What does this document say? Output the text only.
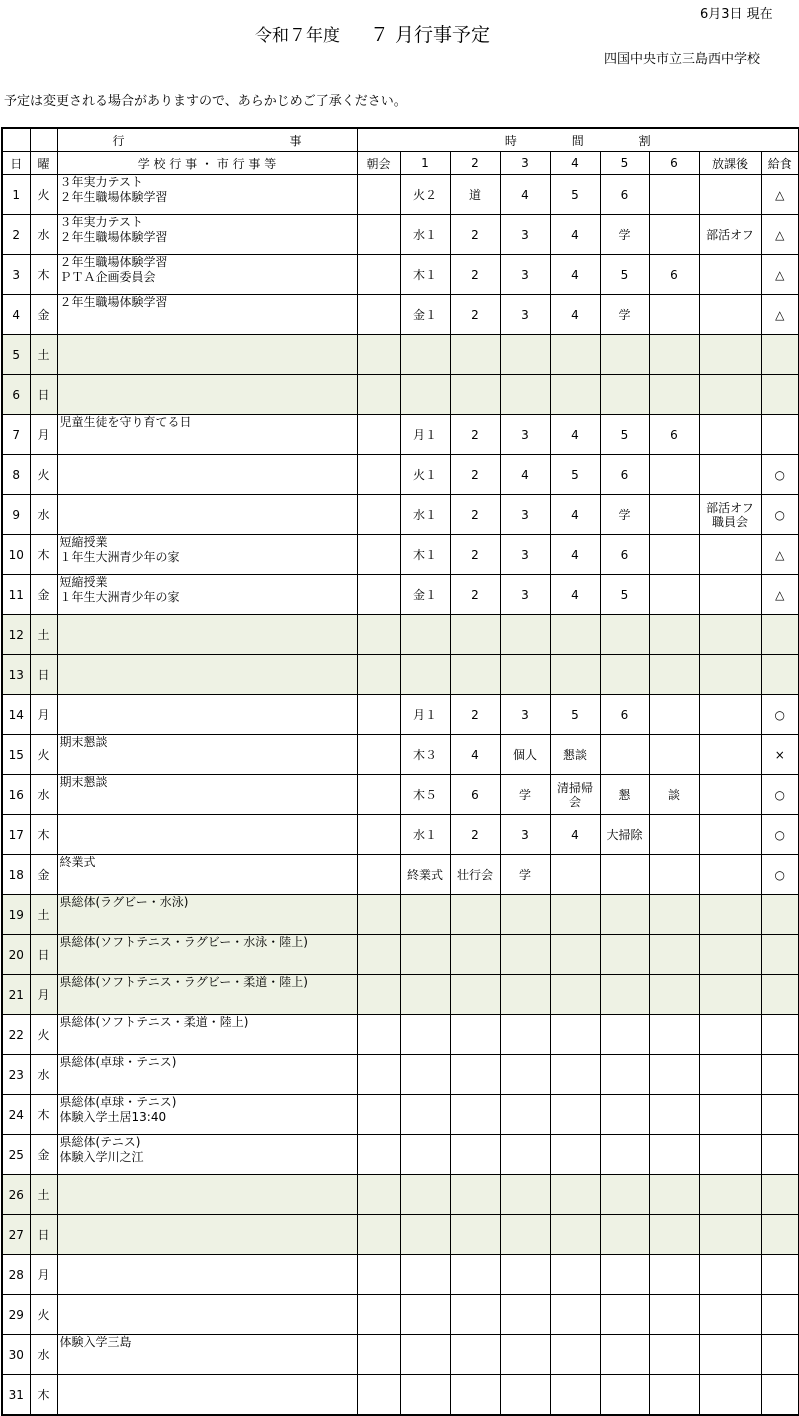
6月3日 現在
令和７年度 ７ 月行事予定
四国中央市立三島西中学校
予定は変更される場合がありますので、あらかじめご了承ください。

		行 事	時 間 割								

日	曜	学 校 行 事 ・ 市 行 事 等	朝会	1	2	3	4	5	6	放課後	給食
1	火	３年実力テスト
２年生職場体験学習		火２	道	4	5	6			△
2	水	３年実力テスト
２年生職場体験学習		水１	2	3	4	学		部活オフ	△
3	木	２年生職場体験学習
ＰＴＡ企画委員会		木１	2	3	4	5	6		△
4	金	２年生職場体験学習		金１	2	3	4	学			△
5	土										
6	日										
7	月	児童生徒を守り育てる日		月１	2	3	4	5	6		
8	火			火１	2	4	5	6			○
9	水			水１	2	3	4	学		部活オフ 職員会	○
10	木	短縮授業
１年生大洲青少年の家		木１	2	3	4	6			△
11	金	短縮授業
１年生大洲青少年の家		金１	2	3	4	5			△
12	土										
13	日										
14	月			月１	2	3	5	6			○
15	火	期末懇談		木３	4	個人	懇談				×
16	水	期末懇談		木５	6	学	清掃帰 会	懇	談		○
17	木			水１	2	3	4	大掃除			○
18	金	終業式		終業式	壮行会	学					○
19	土	県総体(ラグビー・水泳)									

20	日	県総体(ソフトテニス・ラグビー・水泳・陸上)									

21	月	県総体(ソフトテニス・ラグビー・柔道・陸上)									

22	火	県総体(ソフトテニス・柔道・陸上)									

23	水	県総体(卓球・テニス)									

24	木	県総体(卓球・テニス)
体験入学土居13:40									

25	金	県総体(テニス)
体験入学川之江									

26	土										
27	日										
28	月										
29	火										
30	水	体験入学三島									

31	木										
